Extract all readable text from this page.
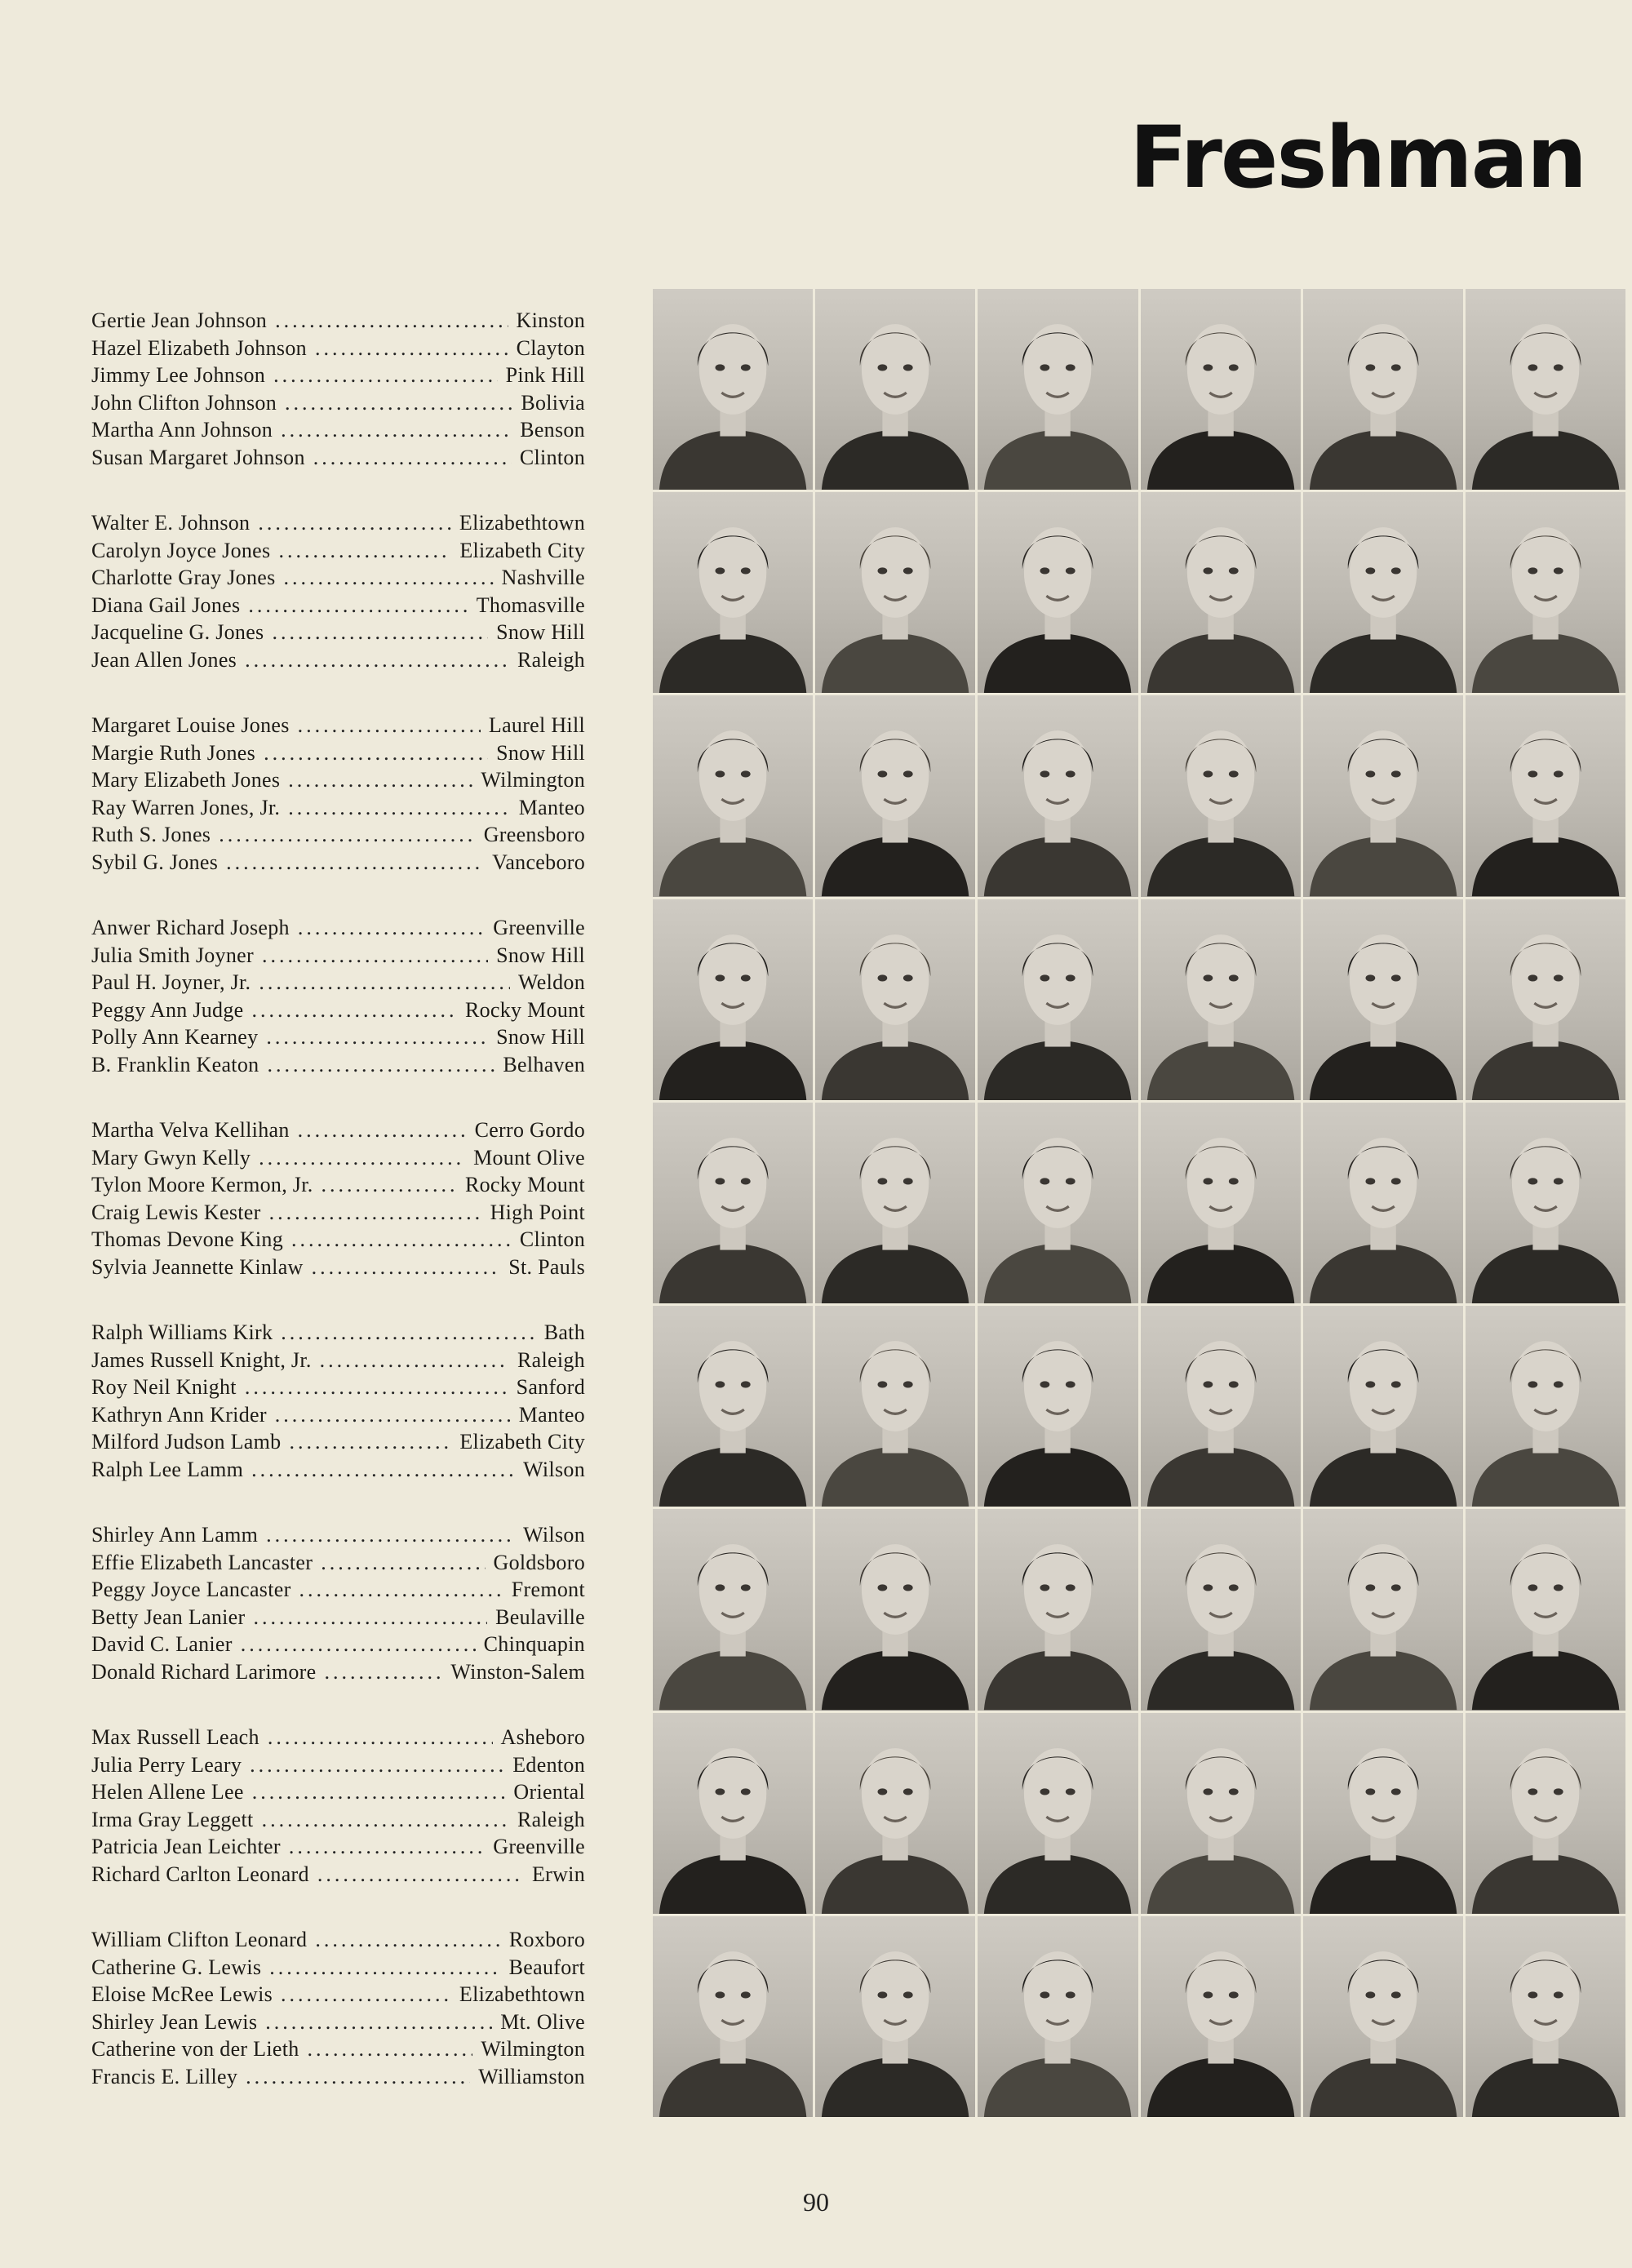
Freshman
Gertie Jean Johnson .....	Kinston
Hazel Elizabeth Johnson .....	Clayton
Jimmy Lee Johnson .....	Pink Hill
John Clifton Johnson .....	Bolivia
Martha Ann Johnson .....	Benson
Susan Margaret Johnson .....	Clinton
Walter E. Johnson .....	Elizabethtown
Carolyn Joyce Jones .....	Elizabeth City
Charlotte Gray Jones .....	Nashville
Diana Gail Jones .....	Thomasville
Jacqueline G. Jones .....	Snow Hill
Jean Allen Jones .....	Raleigh
Margaret Louise Jones .....	Laurel Hill
Margie Ruth Jones .....	Snow Hill
Mary Elizabeth Jones .....	Wilmington
Ray Warren Jones, Jr. .....	Manteo
Ruth S. Jones .....	Greensboro
Sybil G. Jones .....	Vanceboro
Anwer Richard Joseph .....	Greenville
Julia Smith Joyner .....	Snow Hill
Paul H. Joyner, Jr. .....	Weldon
Peggy Ann Judge .....	Rocky Mount
Polly Ann Kearney .....	Snow Hill
B. Franklin Keaton .....	Belhaven
Martha Velva Kellihan .....	Cerro Gordo
Mary Gwyn Kelly .....	Mount Olive
Tylon Moore Kermon, Jr. .....	Rocky Mount
Craig Lewis Kester .....	High Point
Thomas Devone King .....	Clinton
Sylvia Jeannette Kinlaw .....	St. Pauls
Ralph Williams Kirk .....	Bath
James Russell Knight, Jr. .....	Raleigh
Roy Neil Knight .....	Sanford
Kathryn Ann Krider .....	Manteo
Milford Judson Lamb .....	Elizabeth City
Ralph Lee Lamm .....	Wilson
Shirley Ann Lamm .....	Wilson
Effie Elizabeth Lancaster .....	Goldsboro
Peggy Joyce Lancaster .....	Fremont
Betty Jean Lanier .....	Beulaville
David C. Lanier .....	Chinquapin
Donald Richard Larimore .....	Winston-Salem
Max Russell Leach .....	Asheboro
Julia Perry Leary .....	Edenton
Helen Allene Lee .....	Oriental
Irma Gray Leggett .....	Raleigh
Patricia Jean Leichter .....	Greenville
Richard Carlton Leonard .....	Erwin
William Clifton Leonard .....	Roxboro
Catherine G. Lewis .....	Beaufort
Eloise McRee Lewis .....	Elizabethtown
Shirley Jean Lewis .....	Mt. Olive
Catherine von der Lieth .....	Wilmington
Francis E. Lilley .....	Williamston
90
